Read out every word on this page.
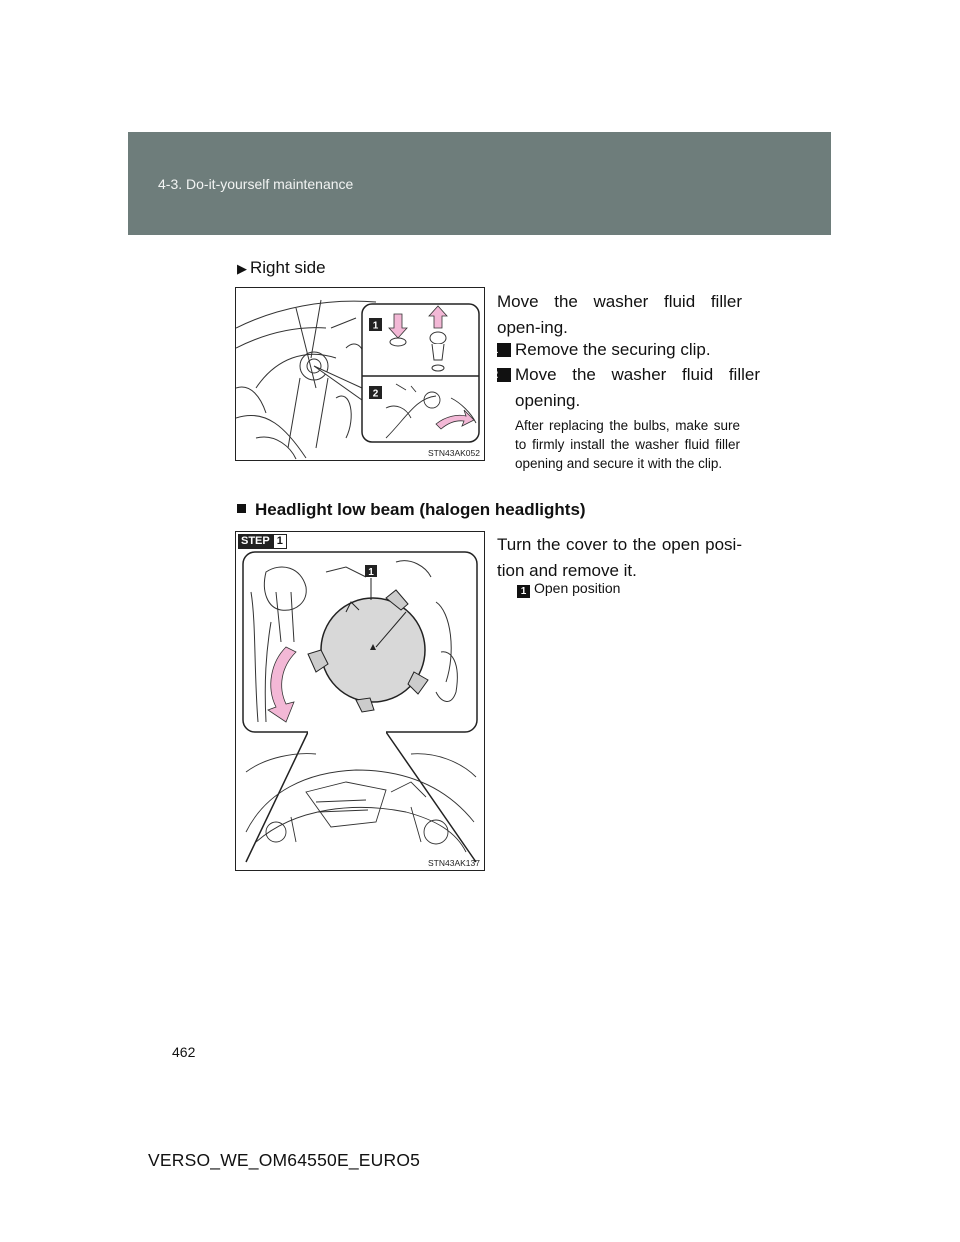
4-3. Do-it-yourself maintenance
▶ Right side
1
2
STN43AK052
Move the washer fluid filler open-ing.
1 Remove the securing clip.
2 Move the washer fluid filler opening.
After replacing the bulbs, make sure to firmly install the washer fluid filler opening and secure it with the clip.
Headlight low beam (halogen headlights)
STEP 1
1
STN43AK137
Turn the cover to the open posi-tion and remove it.
1 Open position
462
VERSO_WE_OM64550E_EURO5
